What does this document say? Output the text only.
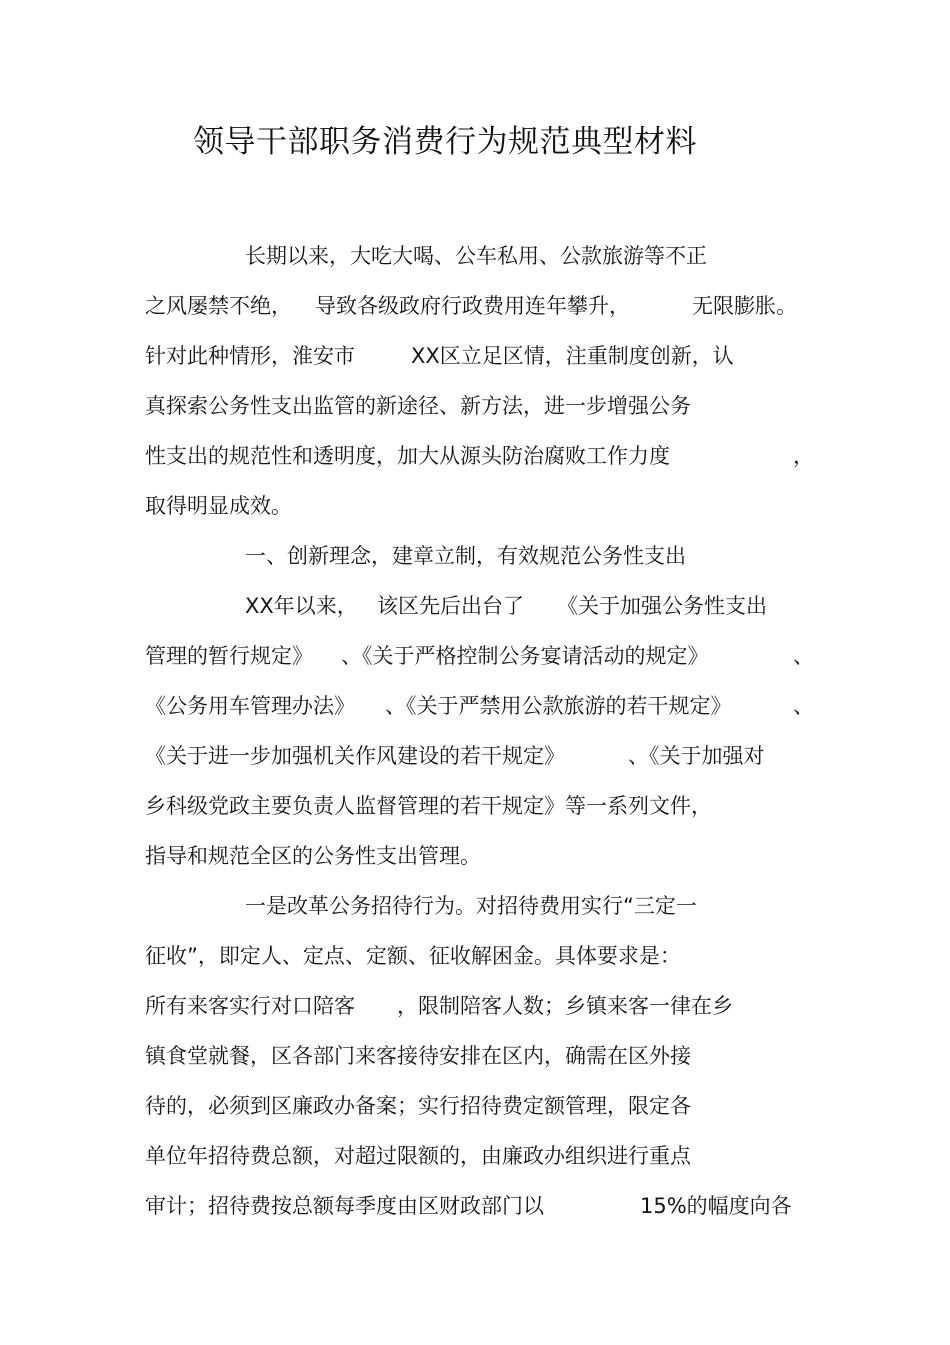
领导干部职务消费行为规范典型材料
长期以来，大吃大喝、公车私用、公款旅游等不正
之风屡禁不绝， 导致各级政府行政费用连年攀升，	无限膨胀。
针对此种情形，淮安市	XX区立足区情，注重制度创新，认
真探索公务性支出监管的新途径、新方法，进一步增强公务
性支出的规范性和透明度，加大从源头防治腐败工作力度	，
取得明显成效。
一、创新理念，建章立制，有效规范公务性支出
XX年以来， 该区先后出台了 《关于加强公务性支出
管理的暂行规定》 、《关于严格控制公务宴请活动的规定》	、
《公务用车管理办法》 、《关于严禁用公款旅游的若干规定》	、
《关于进一步加强机关作风建设的若干规定》	、《关于加强对
乡科级党政主要负责人监督管理的若干规定》等一系列文件，
指导和规范全区的公务性支出管理。
一是改革公务招待行为。对招待费用实行“三定一
征收”，即定人、定点、定额、征收解困金。具体要求是：
所有来客实行对口陪客 ，限制陪客人数；乡镇来客一律在乡
镇食堂就餐，区各部门来客接待安排在区内，确需在区外接
待的，必须到区廉政办备案；实行招待费定额管理，限定各
单位年招待费总额，对超过限额的，由廉政办组织进行重点
审计；招待费按总额每季度由区财政部门以	15%的幅度向各
